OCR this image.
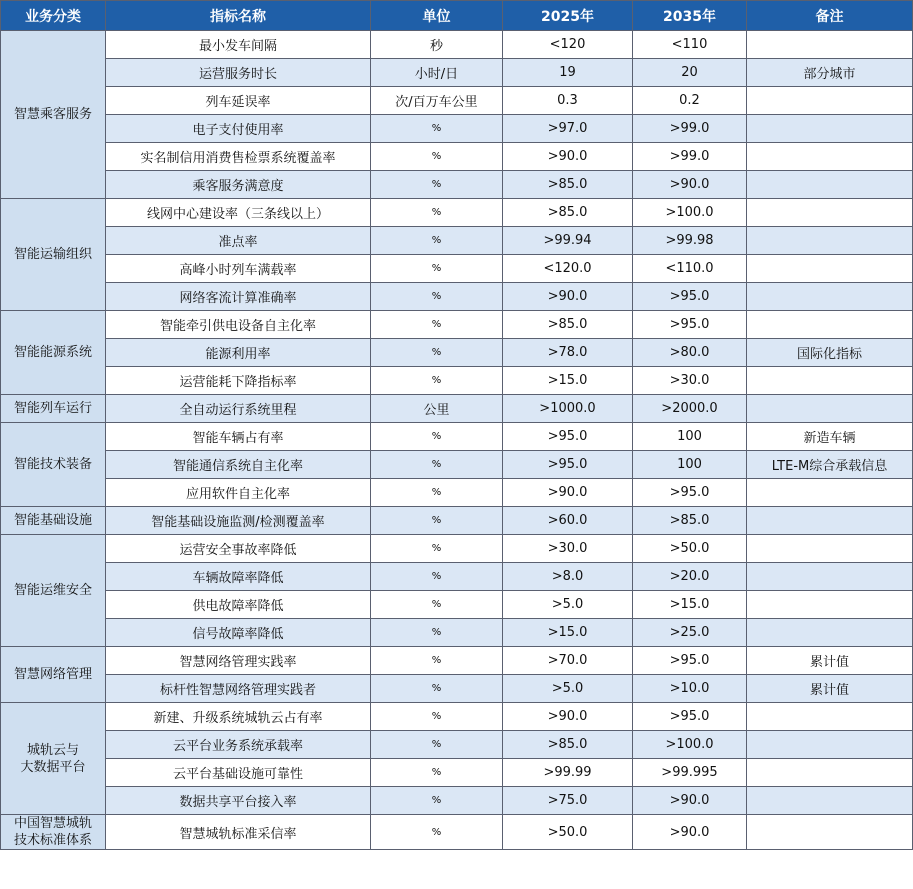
业务分类	指标名称	单位	2025年	2035年	备注

智慧乘客服务	最小发车间隔	秒	<120	<110	
	运营服务时长	小时/日	19	20	部分城市
	列车延误率	次/百万车公里	0.3	0.2	
	电子支付使用率	%	>97.0	>99.0	
	实名制信用消费售检票系统覆盖率	%	>90.0	>99.0	
	乘客服务满意度	%	>85.0	>90.0	

智能运输组织	线网中心建设率（三条线以上）	%	>85.0	>100.0	
	准点率	%	>99.94	>99.98	
	高峰小时列车满载率	%	<120.0	<110.0	
	网络客流计算准确率	%	>90.0	>95.0	

智能能源系统	智能牵引供电设备自主化率	%	>85.0	>95.0	
	能源利用率	%	>78.0	>80.0	国际化指标
	运营能耗下降指标率	%	>15.0	>30.0	

智能列车运行	全自动运行系统里程	公里	>1000.0	>2000.0	

智能技术装备	智能车辆占有率	%	>95.0	100	新造车辆
	智能通信系统自主化率	%	>95.0	100	LTE-M综合承载信息
	应用软件自主化率	%	>90.0	>95.0	

智能基础设施	智能基础设施监测/检测覆盖率	%	>60.0	>85.0	

智能运维安全	运营安全事故率降低	%	>30.0	>50.0	
	车辆故障率降低	%	>8.0	>20.0	
	供电故障率降低	%	>5.0	>15.0	
	信号故障率降低	%	>15.0	>25.0	

智慧网络管理	智慧网络管理实践率	%	>70.0	>95.0	累计值
	标杆性智慧网络管理实践者	%	>5.0	>10.0	累计值

城轨云与
大数据平台	新建、升级系统城轨云占有率	%	>90.0	>95.0	
	云平台业务系统承载率	%	>85.0	>100.0	
	云平台基础设施可靠性	%	>99.99	>99.995	
	数据共享平台接入率	%	>75.0	>90.0	

中国智慧城轨
技术标准体系	智慧城轨标准采信率	%	>50.0	>90.0	
